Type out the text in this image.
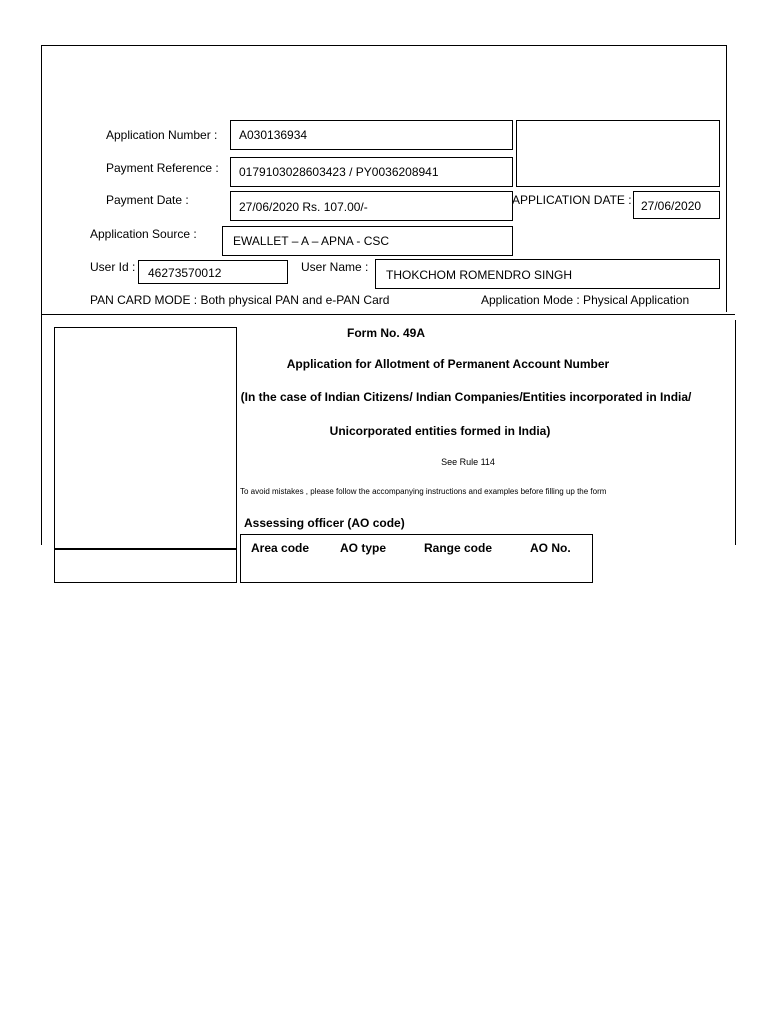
Application Number : A030136934
Payment Reference : 0179103028603423 / PY0036208941
Payment Date :	27/06/2020 Rs. 107.00/-	APPLICATION DATE : 27/06/2020
Application Source :	EWALLET – A – APNA - CSC
User Id : 46273570012	User Name :
THOKCHOM ROMENDRO SINGH
PAN CARD MODE : Both physical PAN and e-PAN Card	Application Mode : Physical Application
Form No. 49A
Application for Allotment of Permanent Account Number
(In the case of Indian Citizens/ Indian Companies/Entities incorporated in India/
Unicorporated entities formed in India)
See Rule 114
To avoid mistakes , please follow the accompanying instructions and examples before filling up the form
Assessing officer (AO code)
Area code	AO type	Range code	AO No.
